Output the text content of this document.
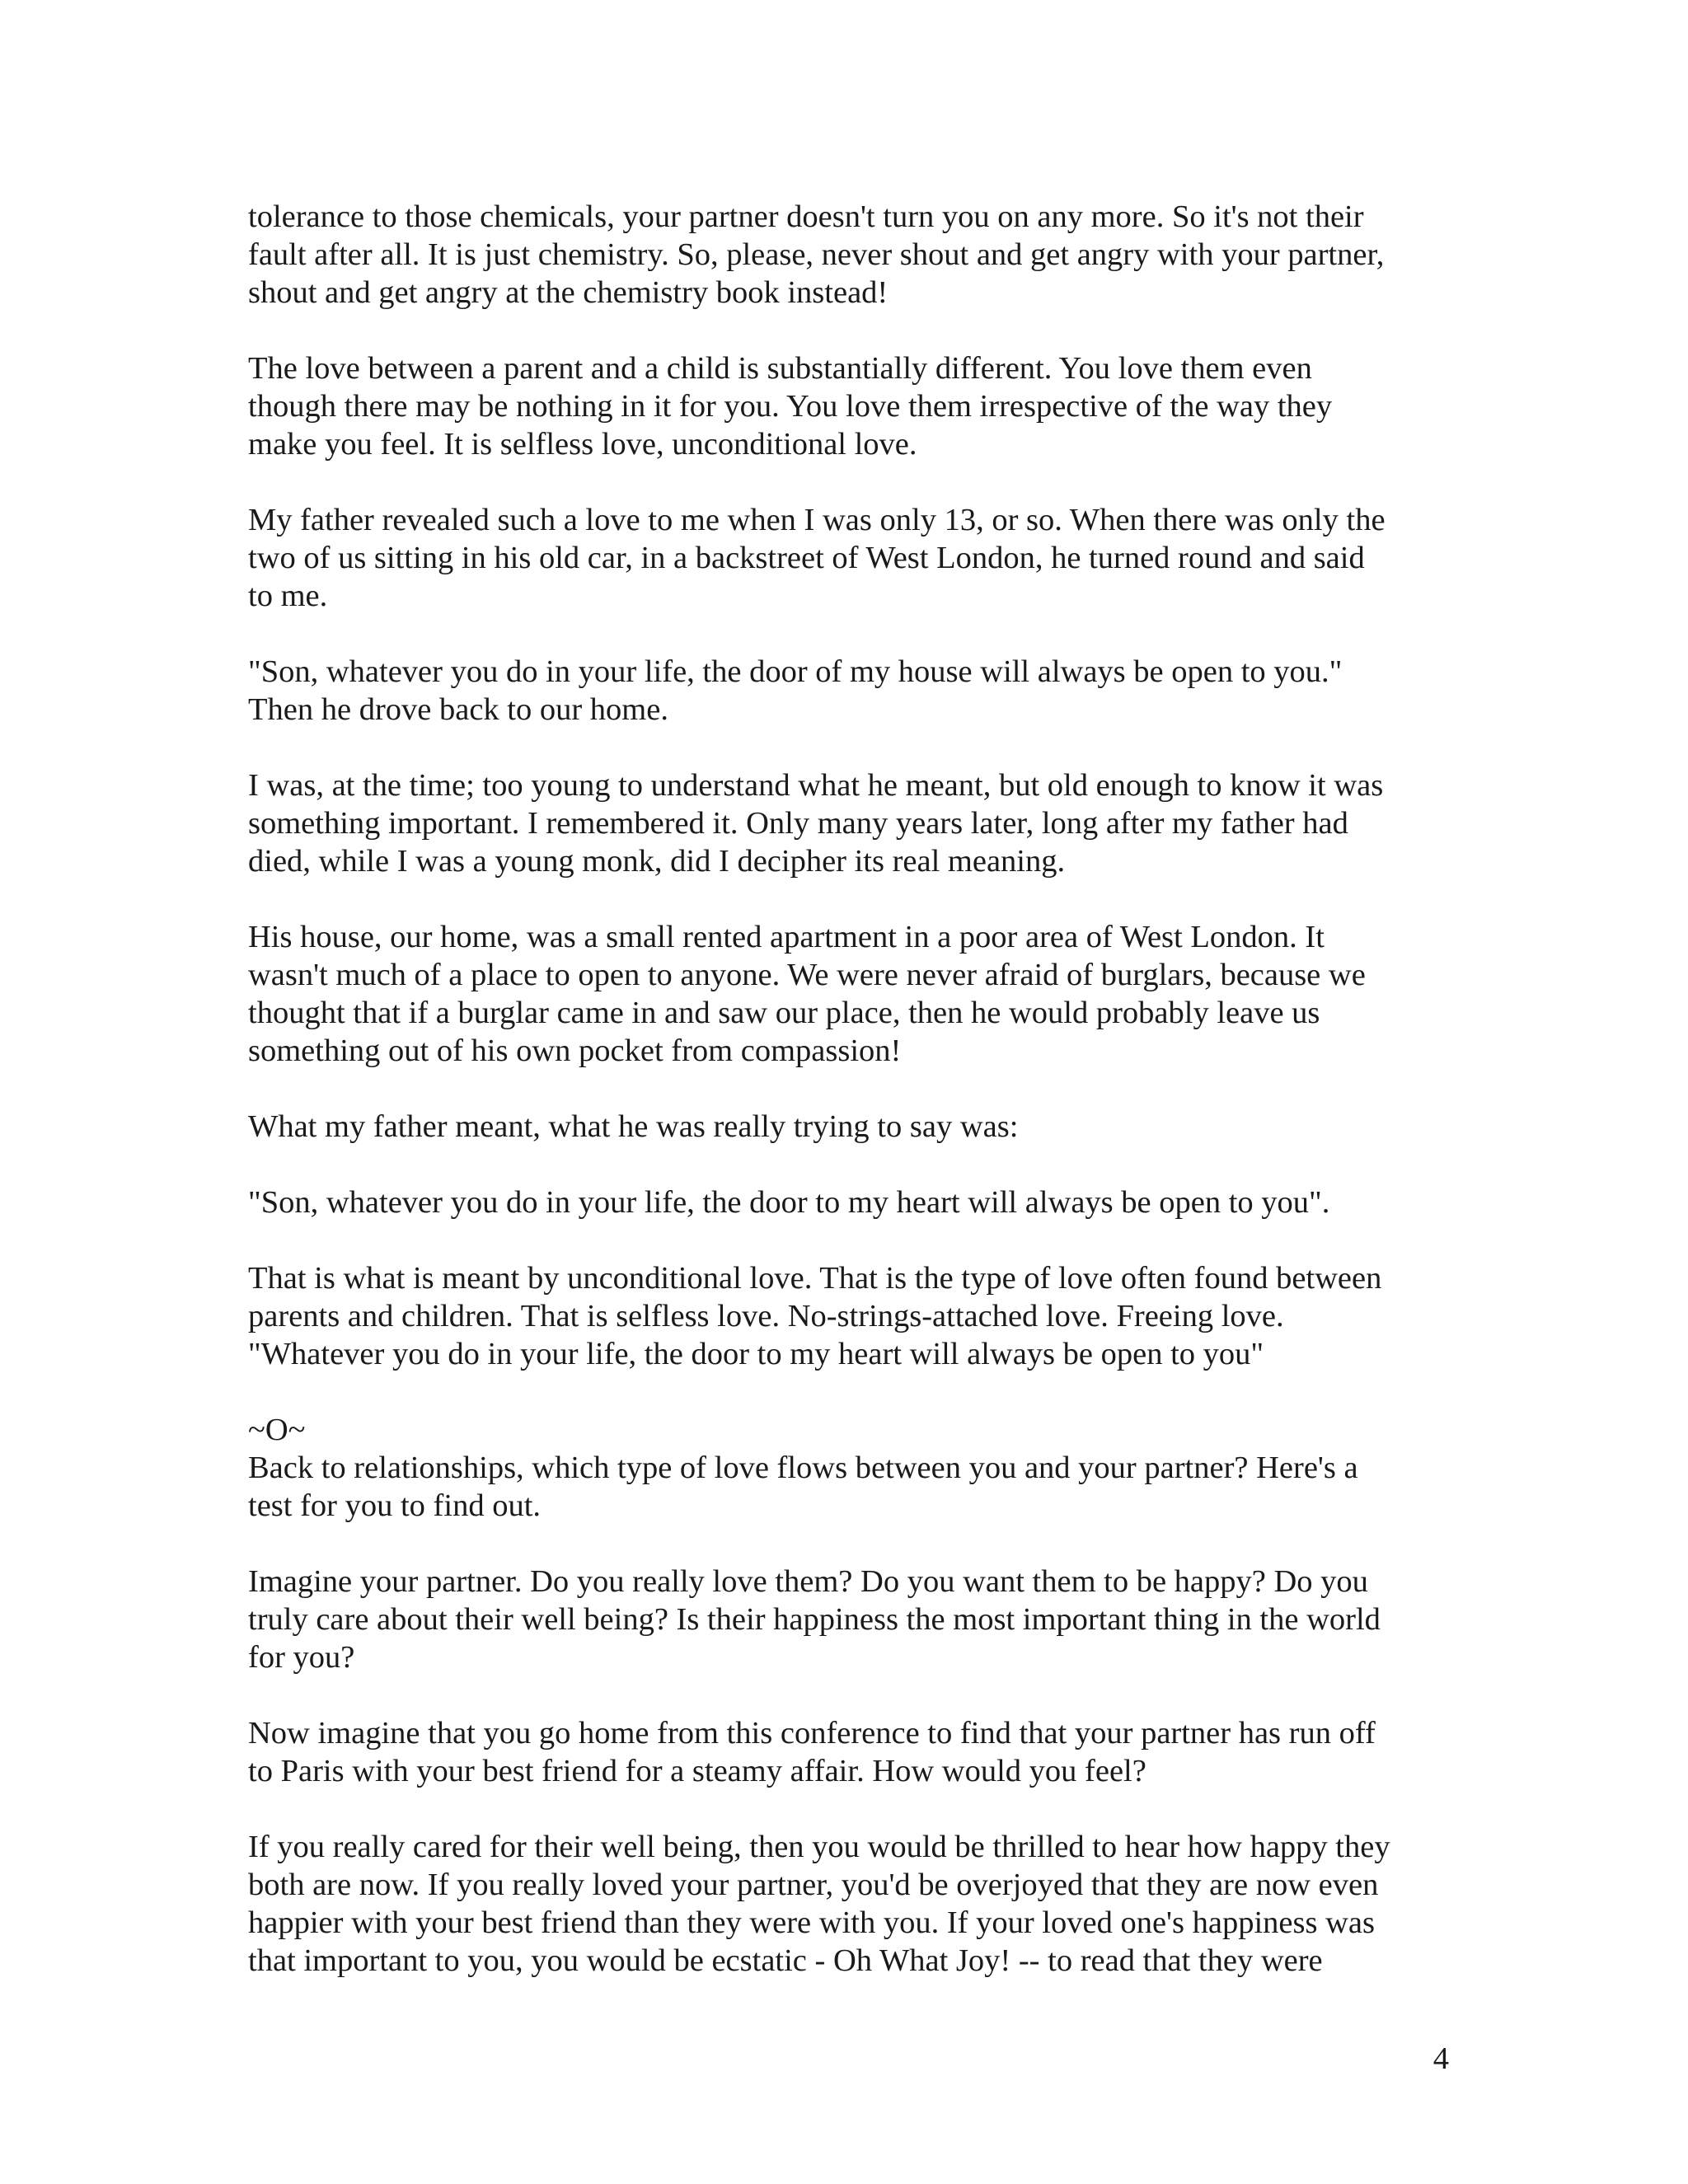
tolerance to those chemicals, your partner doesn't turn you on any more. So it's not their
fault after all. It is just chemistry. So, please, never shout and get angry with your partner,
shout and get angry at the chemistry book instead!

The love between a parent and a child is substantially different. You love them even
though there may be nothing in it for you. You love them irrespective of the way they
make you feel. It is selfless love, unconditional love.

My father revealed such a love to me when I was only 13, or so. When there was only the
two of us sitting in his old car, in a backstreet of West London, he turned round and said
to me.

"Son, whatever you do in your life, the door of my house will always be open to you."
Then he drove back to our home.

I was, at the time; too young to understand what he meant, but old enough to know it was
something important. I remembered it. Only many years later, long after my father had
died, while I was a young monk, did I decipher its real meaning.

His house, our home, was a small rented apartment in a poor area of West London. It
wasn't much of a place to open to anyone. We were never afraid of burglars, because we
thought that if a burglar came in and saw our place, then he would probably leave us
something out of his own pocket from compassion!

What my father meant, what he was really trying to say was:

"Son, whatever you do in your life, the door to my heart will always be open to you".

That is what is meant by unconditional love. That is the type of love often found between
parents and children. That is selfless love. No-strings-attached love. Freeing love.
"Whatever you do in your life, the door to my heart will always be open to you"

~O~

Back to relationships, which type of love flows between you and your partner? Here's a
test for you to find out.

Imagine your partner. Do you really love them? Do you want them to be happy? Do you
truly care about their well being? Is their happiness the most important thing in the world
for you?

Now imagine that you go home from this conference to find that your partner has run off
to Paris with your best friend for a steamy affair. How would you feel?

If you really cared for their well being, then you would be thrilled to hear how happy they
both are now. If you really loved your partner, you'd be overjoyed that they are now even
happier with your best friend than they were with you. If your loved one's happiness was
that important to you, you would be ecstatic - Oh What Joy! -- to read that they were

4
